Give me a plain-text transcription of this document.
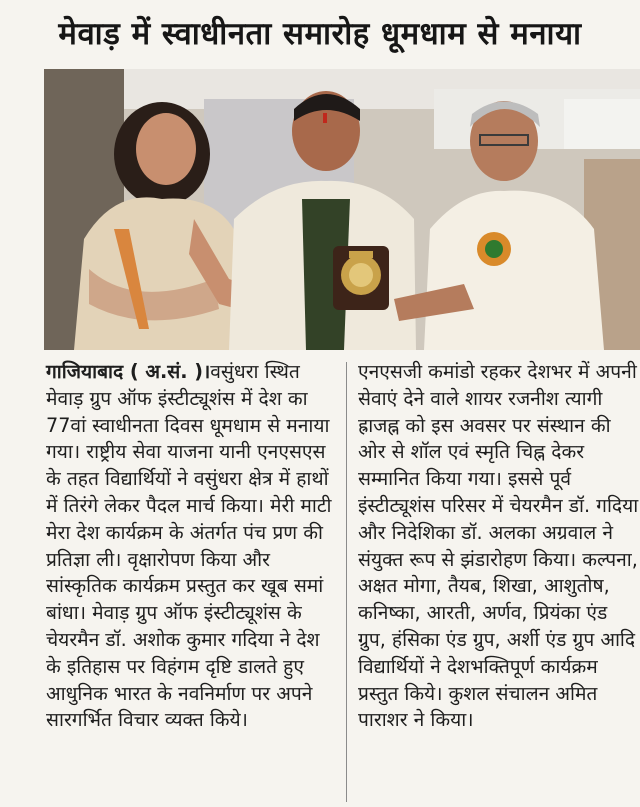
मेवाड़ में स्वाधीनता समारोह धूमधाम से मनाया

गाजियाबाद ( अ.सं. )।वसुंधरा स्थित मेवाड़ ग्रुप ऑफ इंस्टीट्यूशंस में देश का 77वां स्वाधीनता दिवस धूमधाम से मनाया गया। राष्ट्रीय सेवा याजना यानी एनएसएस के तहत विद्यार्थियों ने वसुंधरा क्षेत्र में हाथों में तिरंगे लेकर पैदल मार्च किया। मेरी माटी मेरा देश कार्यक्रम के अंतर्गत पंच प्रण की प्रतिज्ञा ली। वृक्षारोपण किया और सांस्कृतिक कार्यक्रम प्रस्तुत कर खूब समां बांधा। मेवाड़ ग्रुप ऑफ इंस्टीट्यूशंस के चेयरमैन डॉ. अशोक कुमार गदिया ने देश के इतिहास पर विहंगम दृष्टि डालते हुए आधुनिक भारत के नवनिर्माण पर अपने सारगर्भित विचार व्यक्त किये।

एनएसजी कमांडो रहकर देशभर में अपनी सेवाएं देने वाले शायर रजनीश त्यागी ह्राजह्न को इस अवसर पर संस्थान की ओर से शॉल एवं स्मृति चिह्न देकर सम्मानित किया गया। इससे पूर्व इंस्टीट्यूशंस परिसर में चेयरमैन डॉ. गदिया और निदेशिका डॉ. अलका अग्रवाल ने संयुक्त रूप से झंडारोहण किया। कल्पना, अक्षत मोगा, तैयब, शिखा, आशुतोष, कनिष्का, आरती, अर्णव, प्रियंका एंड ग्रुप, हंसिका एंड ग्रुप, अर्शी एंड ग्रुप आदि विद्यार्थियों ने देशभक्तिपूर्ण कार्यक्रम प्रस्तुत किये। कुशल संचालन अमित पाराशर ने किया।
